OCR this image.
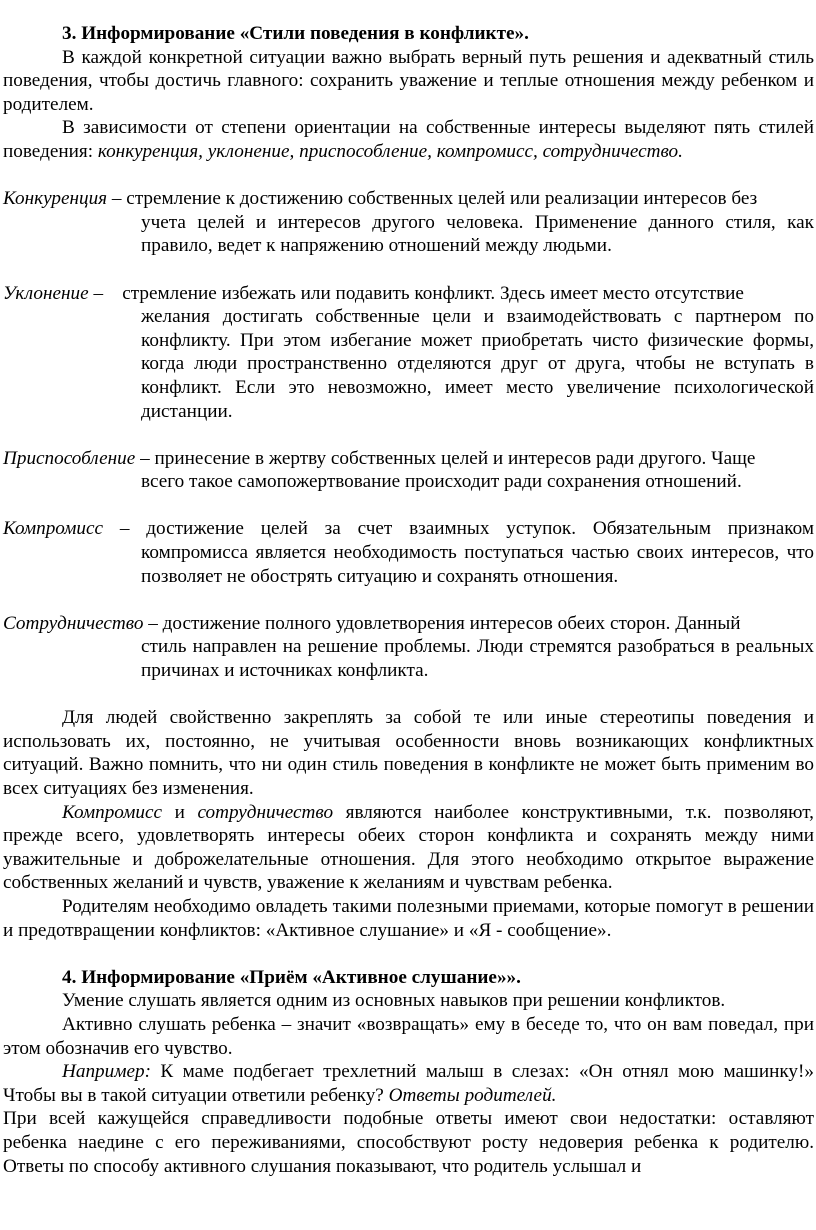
3. Информирование «Стили поведения в конфликте».

В каждой конкретной ситуации важно выбрать верный путь решения и адекватный стиль поведения, чтобы достичь главного: сохранить уважение и теплые отношения между ребенком и родителем.

В зависимости от степени ориентации на собственные интересы выделяют пять стилей поведения: конкуренция, уклонение, приспособление, компромисс, сотрудничество.

Конкуренция – стремление к достижению собственных целей или реализации интересов без
учета целей и интересов другого человека. Применение данного стиля, как правило, ведет к напряжению отношений между людьми.
Уклонение –    стремление избежать или подавить конфликт. Здесь имеет место отсутствие
желания достигать собственные цели и взаимодействовать с партнером по конфликту. При этом избегание может приобретать чисто физические формы, когда люди пространственно отделяются друг от друга, чтобы не вступать в конфликт. Если это невозможно, имеет место увеличение психологической дистанции.
Приспособление – принесение в жертву собственных целей и интересов ради другого. Чаще
всего такое самопожертвование происходит ради сохранения отношений.
Компромисс – достижение целей за счет взаимных уступок. Обязательным признаком
компромисса является необходимость поступаться частью своих интересов, что позволяет не обострять ситуацию и сохранять отношения.
Сотрудничество – достижение полного удовлетворения интересов обеих сторон. Данный
стиль направлен на решение проблемы. Люди стремятся разобраться в реальных причинах и источниках конфликта.

Для людей свойственно закреплять за собой те или иные стереотипы поведения и использовать их, постоянно, не учитывая особенности вновь возникающих конфликтных ситуаций. Важно помнить, что ни один стиль поведения в конфликте не может быть применим во всех ситуациях без изменения.

Компромисс и сотрудничество являются наиболее конструктивными, т.к. позволяют, прежде всего, удовлетворять интересы обеих сторон конфликта и сохранять между ними уважительные и доброжелательные отношения. Для этого необходимо открытое выражение собственных желаний и чувств, уважение к желаниям и чувствам ребенка.

Родителям необходимо овладеть такими полезными приемами, которые помогут в решении и предотвращении конфликтов: «Активное слушание» и «Я - сообщение».

4. Информирование «Приём «Активное слушание»».

Умение слушать является одним из основных навыков при решении конфликтов.

Активно слушать ребенка – значит «возвращать» ему в беседе то, что он вам поведал, при этом обозначив его чувство.

Например: К маме подбегает трехлетний малыш в слезах: «Он отнял мою машинку!» Чтобы вы в такой ситуации ответили ребенку? Ответы родителей.

При всей кажущейся справедливости подобные ответы имеют свои недостатки: оставляют ребенка наедине с его переживаниями, способствуют росту недоверия ребенка к родителю. Ответы по способу активного слушания показывают, что родитель услышал и
